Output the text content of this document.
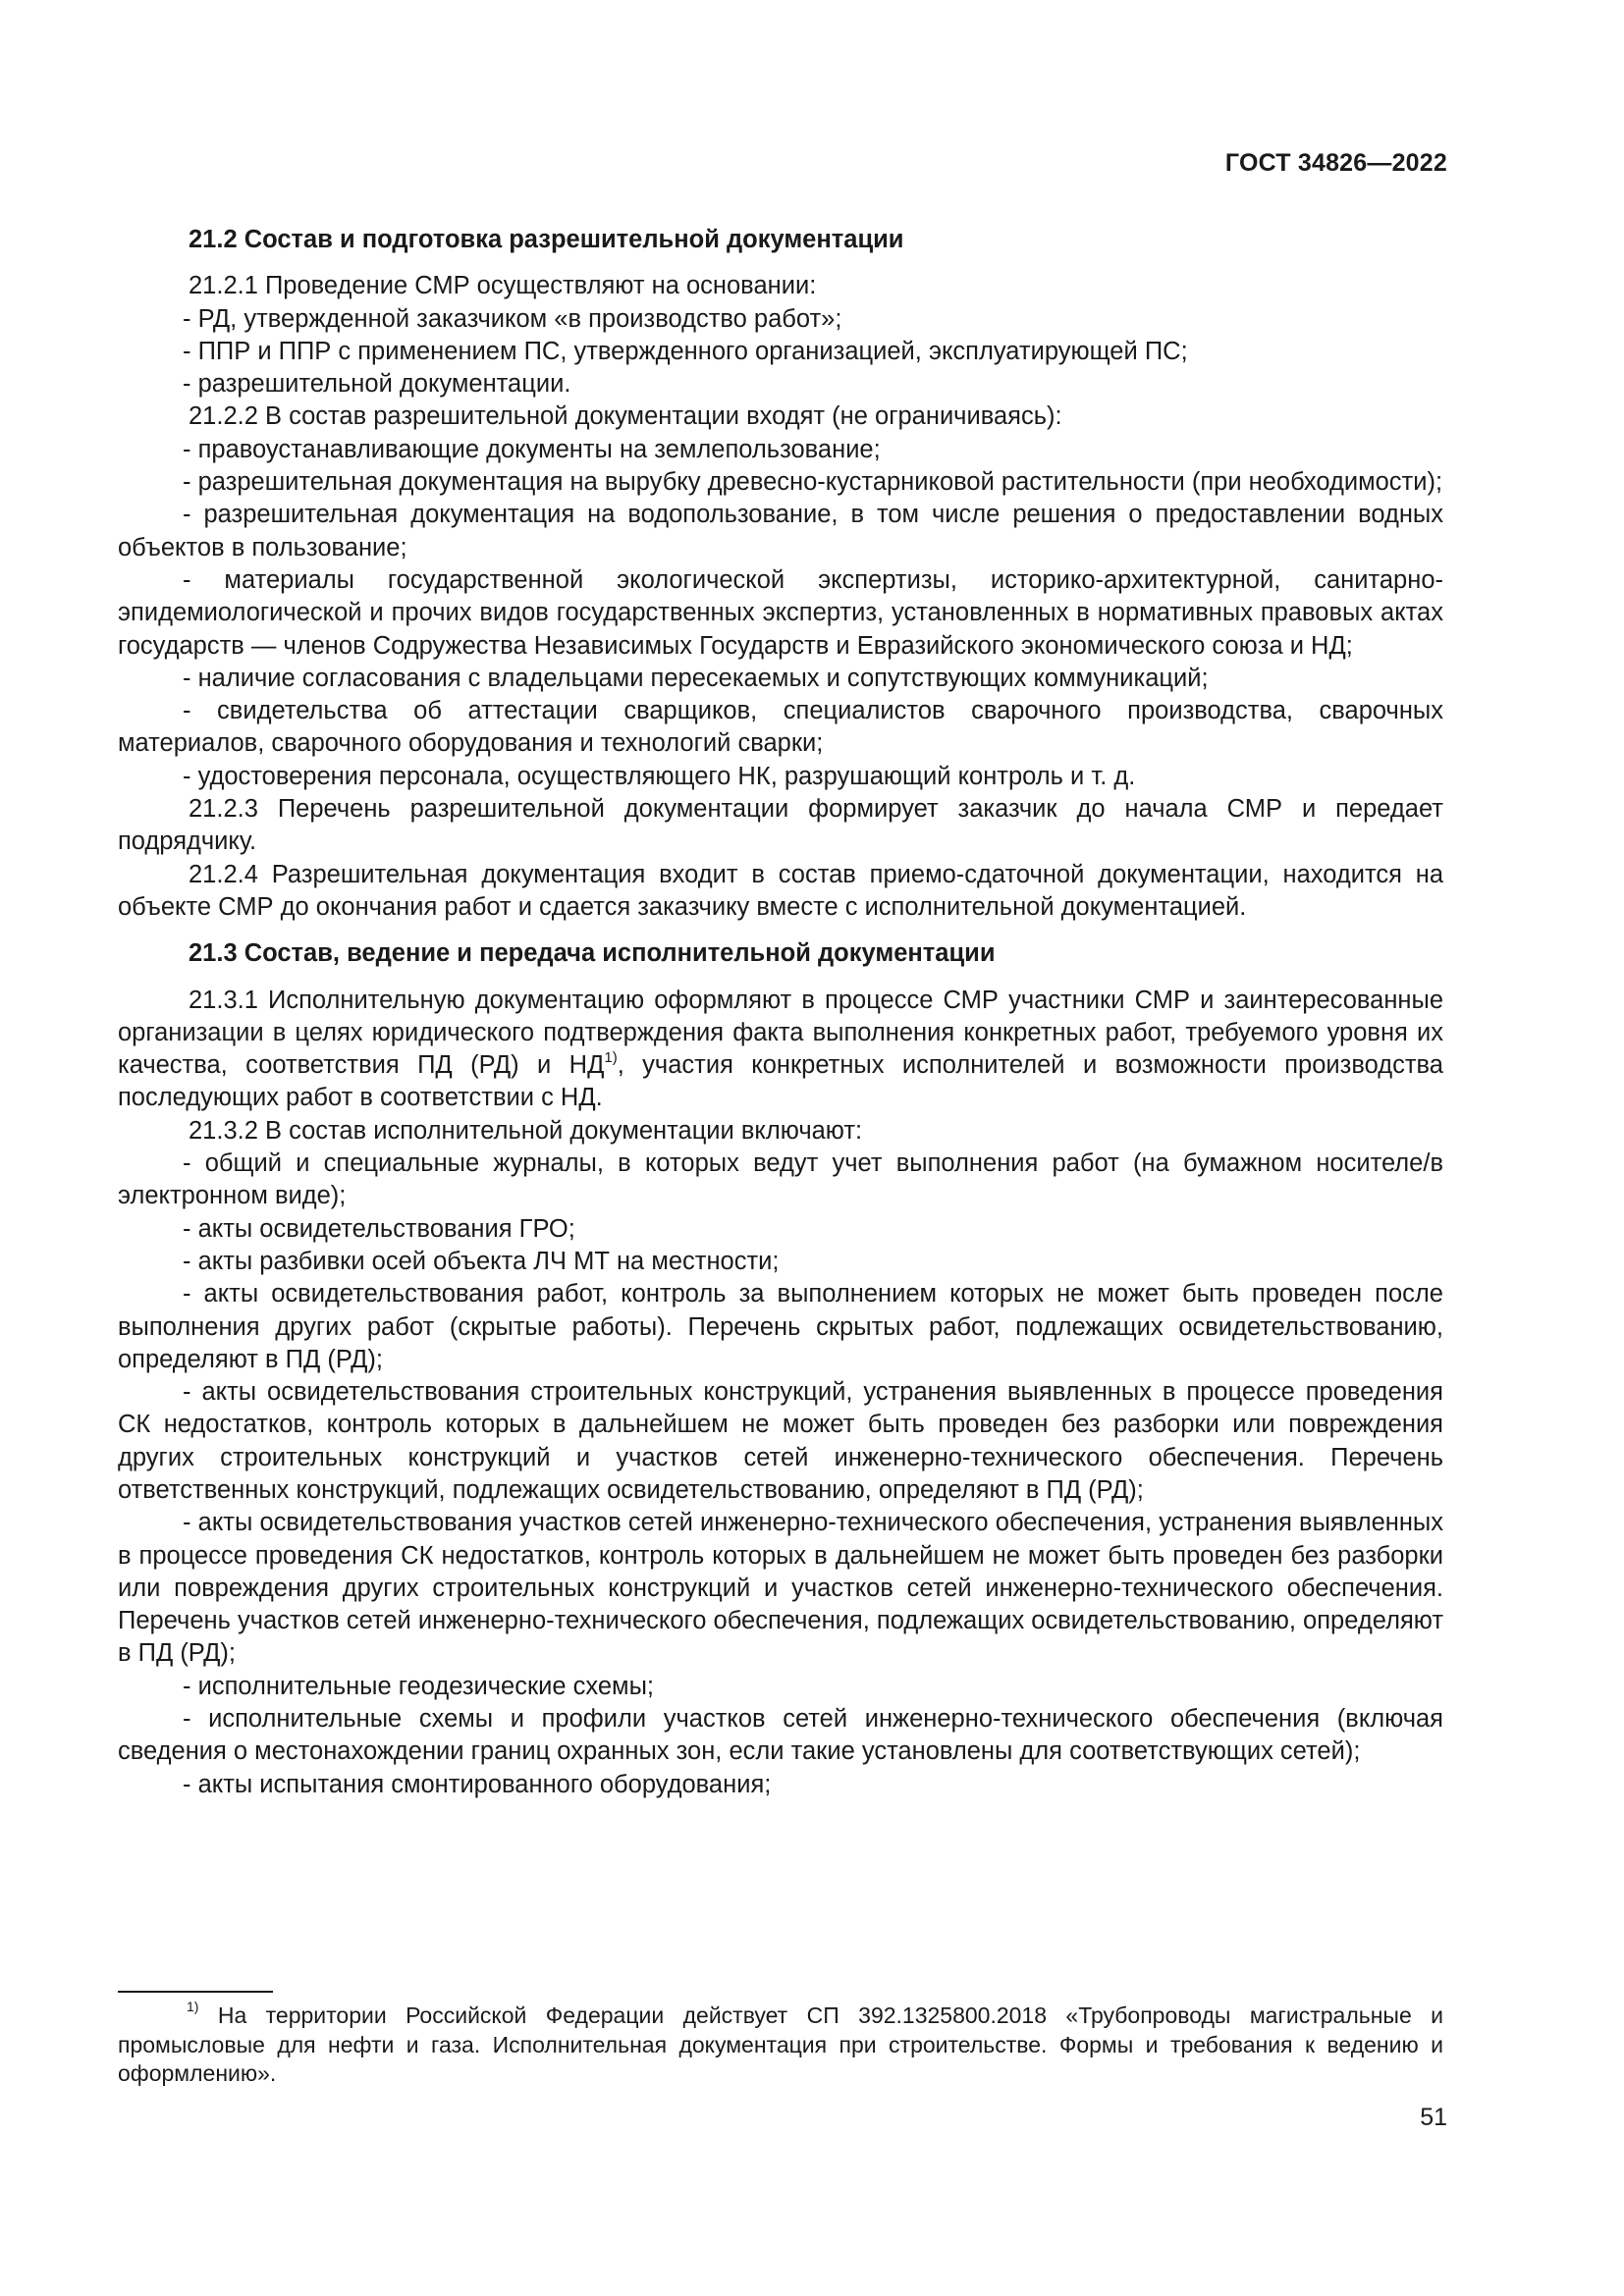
ГОСТ 34826—2022

21.2 Состав и подготовка разрешительной документации

21.2.1 Проведение СМР осуществляют на основании:

- РД, утвержденной заказчиком «в производство работ»;

- ППР и ППР с применением ПС, утвержденного организацией, эксплуатирующей ПС;

- разрешительной документации.

21.2.2 В состав разрешительной документации входят (не ограничиваясь):

- правоустанавливающие документы на землепользование;

- разрешительная документация на вырубку древесно-кустарниковой растительности (при необходимости);

- разрешительная документация на водопользование, в том числе решения о предоставлении водных объектов в пользование;

- материалы государственной экологической экспертизы, историко-архитектурной, санитарно-эпидемиологической и прочих видов государственных экспертиз, установленных в нормативных правовых актах государств — членов Содружества Независимых Государств и Евразийского экономического союза и НД;

- наличие согласования с владельцами пересекаемых и сопутствующих коммуникаций;

- свидетельства об аттестации сварщиков, специалистов сварочного производства, сварочных материалов, сварочного оборудования и технологий сварки;

- удостоверения персонала, осуществляющего НК, разрушающий контроль и т. д.

21.2.3 Перечень разрешительной документации формирует заказчик до начала СМР и передает подрядчику.

21.2.4 Разрешительная документация входит в состав приемо-сдаточной документации, находится на объекте СМР до окончания работ и сдается заказчику вместе с исполнительной документацией.

21.3 Состав, ведение и передача исполнительной документации

21.3.1 Исполнительную документацию оформляют в процессе СМР участники СМР и заинтересованные организации в целях юридического подтверждения факта выполнения конкретных работ, требуемого уровня их качества, соответствия ПД (РД) и НД$^{1)}$, участия конкретных исполнителей и возможности производства последующих работ в соответствии с НД.

21.3.2 В состав исполнительной документации включают:

- общий и специальные журналы, в которых ведут учет выполнения работ (на бумажном носителе/в электронном виде);

- акты освидетельствования ГРО;

- акты разбивки осей объекта ЛЧ МТ на местности;

- акты освидетельствования работ, контроль за выполнением которых не может быть проведен после выполнения других работ (скрытые работы). Перечень скрытых работ, подлежащих освидетельствованию, определяют в ПД (РД);

- акты освидетельствования строительных конструкций, устранения выявленных в процессе проведения СК недостатков, контроль которых в дальнейшем не может быть проведен без разборки или повреждения других строительных конструкций и участков сетей инженерно-технического обеспечения. Перечень ответственных конструкций, подлежащих освидетельствованию, определяют в ПД (РД);

- акты освидетельствования участков сетей инженерно-технического обеспечения, устранения выявленных в процессе проведения СК недостатков, контроль которых в дальнейшем не может быть проведен без разборки или повреждения других строительных конструкций и участков сетей инженерно-технического обеспечения. Перечень участков сетей инженерно-технического обеспечения, подлежащих освидетельствованию, определяют в ПД (РД);

- исполнительные геодезические схемы;

- исполнительные схемы и профили участков сетей инженерно-технического обеспечения (включая сведения о местонахождении границ охранных зон, если такие установлены для соответствующих сетей);

- акты испытания смонтированного оборудования;

$^{1)}$ На территории Российской Федерации действует СП 392.1325800.2018 «Трубопроводы магистральные и промысловые для нефти и газа. Исполнительная документация при строительстве. Формы и требования к ведению и оформлению».

51
